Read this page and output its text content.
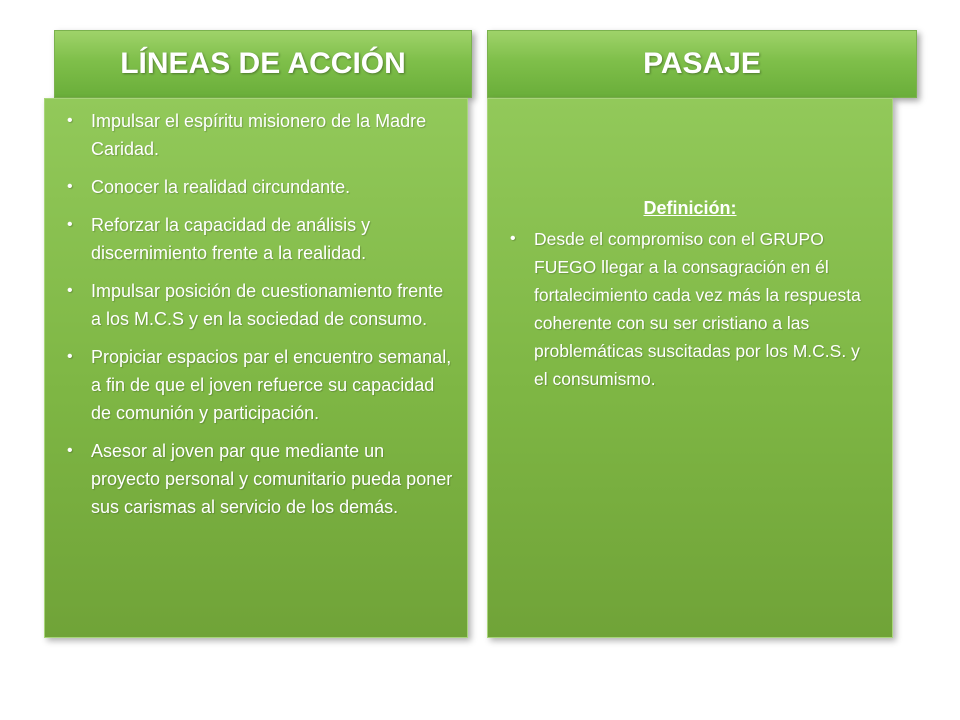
LÍNEAS DE ACCIÓN	PASAJE
• Impulsar el espíritu misionero de la Madre Caridad.
• Conocer la realidad circundante.
• Reforzar la capacidad de análisis y discernimiento frente a la realidad.
• Impulsar posición de cuestionamiento frente a los M.C.S y en la sociedad de consumo.
• Propiciar espacios par el encuentro semanal, a fin de que el joven refuerce su capacidad de comunión y participación.
• Asesor al joven par que mediante un proyecto personal y comunitario pueda poner sus carismas al servicio de los demás.
Definición:
• Desde el compromiso con el GRUPO FUEGO llegar a la consagración en él fortalecimiento cada vez más la respuesta coherente con su ser cristiano a las problemáticas suscitadas por los M.C.S. y el consumismo.
